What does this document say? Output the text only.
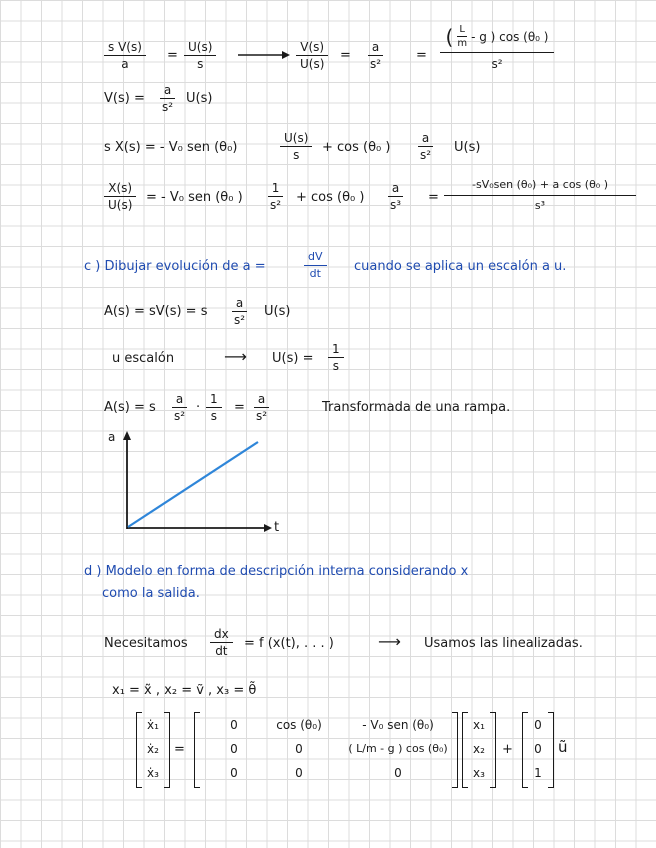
$\frac{\text{s V(s)}}{a} = \frac{U(s)}{s}$	$\frac{V(s)}{U(s)} = \frac{a}{\text{s²}} = \frac{( \frac{L}{m} - g ) \cos (\theta_0 )}{\text{s²}}$
$V(s) = \frac{a}{\text{s²}} U(s)$
s X(s) = - V₀ sen (θ₀)	$\frac{U(s)}{s} + \cos (\theta_0$ ) $\frac{a}{\text{s²}} U(s)$
$\frac{X(s)}{U(s)}$ = - V₀ sen (θ₀ ) $\frac{1}{\text{s²}} + \cos (\theta_0$ ) $\frac{a}{\text{s³}}$ =
-sV₀sen (θ₀) + a cos (θ₀ )
s³
c ) Dibujar evolución de a =	$\frac{dV}{dt}$ cuando se aplica un escalón a u.
A(s) = sV(s) = s $\frac{a}{\text{s²}} U(s)$
u escalón	⟶ $U(s) = \frac{1}{s}$
A(s) = s $\frac{a}{\text{s²}} \cdot \frac{1}{s} = \frac{a}{\text{s²}}$	Transformada de una rampa.
a
t
d ) Modelo en forma de descripción interna considerando x
como la salida.
Necesitamos $\frac{dx}{dt} = f$ (x(t), . . . )	⟶ Usamos las linealizadas.
x₁ = x̃ , x₂ = ṽ , x₃ = θ̃
ẋ₁
ẋ₂
ẋ₃
=
0	cos (θ₀)	- V₀ sen (θ₀)
0	0	( L/m - g ) cos (θ₀)
0	0	0
x₁
x₂
x₃
+
0
0
1
ũ
